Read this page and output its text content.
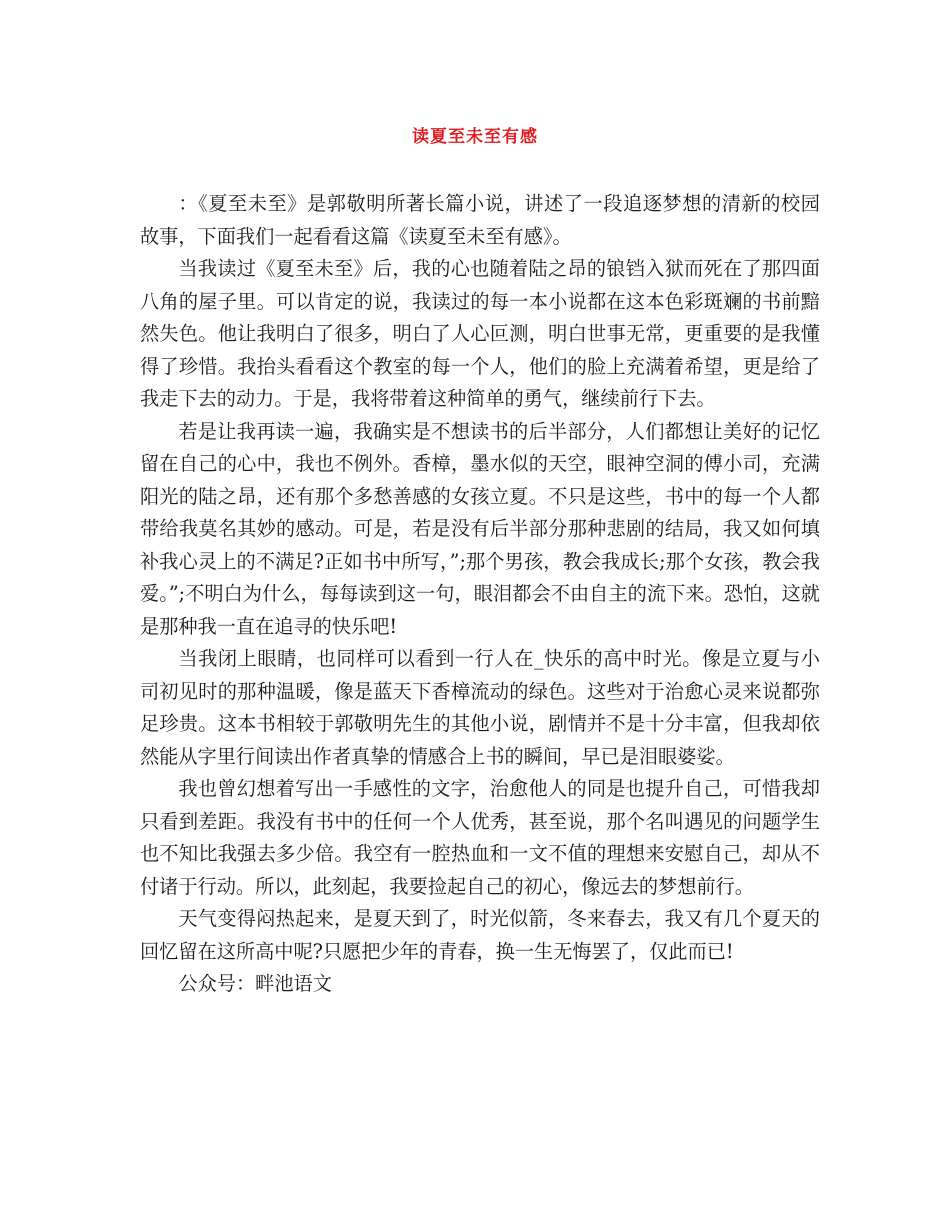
读夏至未至有感

：《夏至未至》是郭敬明所著长篇小说，讲述了一段追逐梦想的清新的校园故事，下面我们一起看看这篇《读夏至未至有感》。

当我读过《夏至未至》后，我的心也随着陆之昂的锒铛入狱而死在了那四面八角的屋子里。可以肯定的说，我读过的每一本小说都在这本色彩斑斓的书前黯然失色。他让我明白了很多，明白了人心叵测，明白世事无常，更重要的是我懂得了珍惜。我抬头看看这个教室的每一个人，他们的脸上充满着希望，更是给了我走下去的动力。于是，我将带着这种简单的勇气，继续前行下去。

若是让我再读一遍，我确实是不想读书的后半部分，人们都想让美好的记忆留在自己的心中，我也不例外。香樟，墨水似的天空，眼神空洞的傅小司，充满阳光的陆之昂，还有那个多愁善感的女孩立夏。不只是这些，书中的每一个人都带给我莫名其妙的感动。可是，若是没有后半部分那种悲剧的结局，我又如何填补我心灵上的不满足?正如书中所写，”;那个男孩，教会我成长;那个女孩，教会我爱。”;不明白为什么，每每读到这一句，眼泪都会不由自主的流下来。恐怕，这就是那种我一直在追寻的快乐吧!

当我闭上眼睛，也同样可以看到一行人在_快乐的高中时光。像是立夏与小司初见时的那种温暖，像是蓝天下香樟流动的绿色。这些对于治愈心灵来说都弥足珍贵。这本书相较于郭敬明先生的其他小说，剧情并不是十分丰富，但我却依然能从字里行间读出作者真挚的情感合上书的瞬间，早已是泪眼婆娑。

我也曾幻想着写出一手感性的文字，治愈他人的同是也提升自己，可惜我却只看到差距。我没有书中的任何一个人优秀，甚至说，那个名叫遇见的问题学生也不知比我强去多少倍。我空有一腔热血和一文不值的理想来安慰自己，却从不付诸于行动。所以，此刻起，我要捡起自己的初心，像远去的梦想前行。

天气变得闷热起来，是夏天到了，时光似箭，冬来春去，我又有几个夏天的回忆留在这所高中呢?只愿把少年的青春，换一生无悔罢了，仅此而已!

公众号：畔池语文
